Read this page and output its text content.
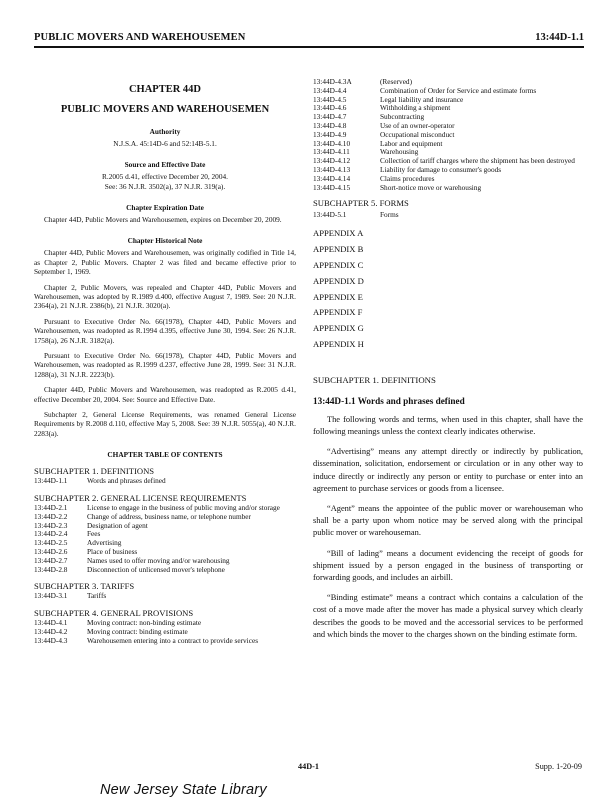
PUBLIC MOVERS AND WAREHOUSEMEN	13:44D-1.1
CHAPTER 44D
PUBLIC MOVERS AND WAREHOUSEMEN
Authority
N.J.S.A. 45:14D-6 and 52:14B-5.1.
Source and Effective Date
R.2005 d.41, effective December 20, 2004.
See: 36 N.J.R. 3502(a), 37 N.J.R. 319(a).
Chapter Expiration Date
Chapter 44D, Public Movers and Warehousemen, expires on December 20, 2009.
Chapter Historical Note
Chapter 44D, Public Movers and Warehousemen, was originally codified in Title 14, as Chapter 2, Public Movers. Chapter 2 was filed and became effective prior to September 1, 1969.
Chapter 2, Public Movers, was repealed and Chapter 44D, Public Movers and Warehousemen, was adopted by R.1989 d.400, effective August 7, 1989. See: 20 N.J.R. 2364(a), 21 N.J.R. 2386(b), 21 N.J.R. 3020(a).
Pursuant to Executive Order No. 66(1978), Chapter 44D, Public Movers and Warehousemen, was readopted as R.1994 d.395, effective June 30, 1994. See: 26 N.J.R. 1758(a), 26 N.J.R. 3182(a).
Pursuant to Executive Order No. 66(1978), Chapter 44D, Public Movers and Warehousemen, was readopted as R.1999 d.237, effective June 28, 1999. See: 31 N.J.R. 1288(a), 31 N.J.R. 2223(b).
Chapter 44D, Public Movers and Warehousemen, was readopted as R.2005 d.41, effective December 20, 2004. See: Source and Effective Date.
Subchapter 2, General License Requirements, was renamed General License Requirements by R.2008 d.110, effective May 5, 2008. See: 39 N.J.R. 5055(a), 40 N.J.R. 2283(a).
CHAPTER TABLE OF CONTENTS
SUBCHAPTER 1. DEFINITIONS
13:44D-1.1	Words and phrases defined
SUBCHAPTER 2. GENERAL LICENSE REQUIREMENTS
13:44D-2.1	License to engage in the business of public moving and/or storage
13:44D-2.2	Change of address, business name, or telephone number
13:44D-2.3	Designation of agent
13:44D-2.4	Fees
13:44D-2.5	Advertising
13:44D-2.6	Place of business
13:44D-2.7	Names used to offer moving and/or warehousing
13:44D-2.8	Disconnection of unlicensed mover's telephone
SUBCHAPTER 3. TARIFFS
13:44D-3.1	Tariffs
SUBCHAPTER 4. GENERAL PROVISIONS
13:44D-4.1	Moving contract: non-binding estimate
13:44D-4.2	Moving contract: binding estimate
13:44D-4.3	Warehousemen entering into a contract to provide services
13:44D-4.3A	(Reserved)
13:44D-4.4	Combination of Order for Service and estimate forms
13:44D-4.5	Legal liability and insurance
13:44D-4.6	Withholding a shipment
13:44D-4.7	Subcontracting
13:44D-4.8	Use of an owner-operator
13:44D-4.9	Occupational misconduct
13:44D-4.10	Labor and equipment
13:44D-4.11	Warehousing
13:44D-4.12	Collection of tariff charges where the shipment has been destroyed
13:44D-4.13	Liability for damage to consumer's goods
13:44D-4.14	Claims procedures
13:44D-4.15	Short-notice move or warehousing
SUBCHAPTER 5. FORMS
13:44D-5.1	Forms
APPENDIX A
APPENDIX B
APPENDIX C
APPENDIX D
APPENDIX E
APPENDIX F
APPENDIX G
APPENDIX H
SUBCHAPTER 1. DEFINITIONS
13:44D-1.1 Words and phrases defined
The following words and terms, when used in this chapter, shall have the following meanings unless the context clearly indicates otherwise.
“Advertising” means any attempt directly or indirectly by publication, dissemination, solicitation, endorsement or circulation or in any other way to induce directly or indirectly any person or entity to purchase or enter into an agreement to purchase services or goods from a licensee.
“Agent” means the appointee of the public mover or warehouseman who shall be a party upon whom notice may be served along with the principal public mover or warehouseman.
“Bill of lading” means a document evidencing the receipt of goods for shipment issued by a person engaged in the business of transporting or forwarding goods, and includes an airbill.
“Binding estimate” means a contract which contains a calculation of the cost of a move made after the mover has made a physical survey which clearly describes the goods to be moved and the accessorial services to be performed and which binds the mover to the charges shown on the binding estimate form.
44D-1	Supp. 1-20-09
New Jersey State Library
